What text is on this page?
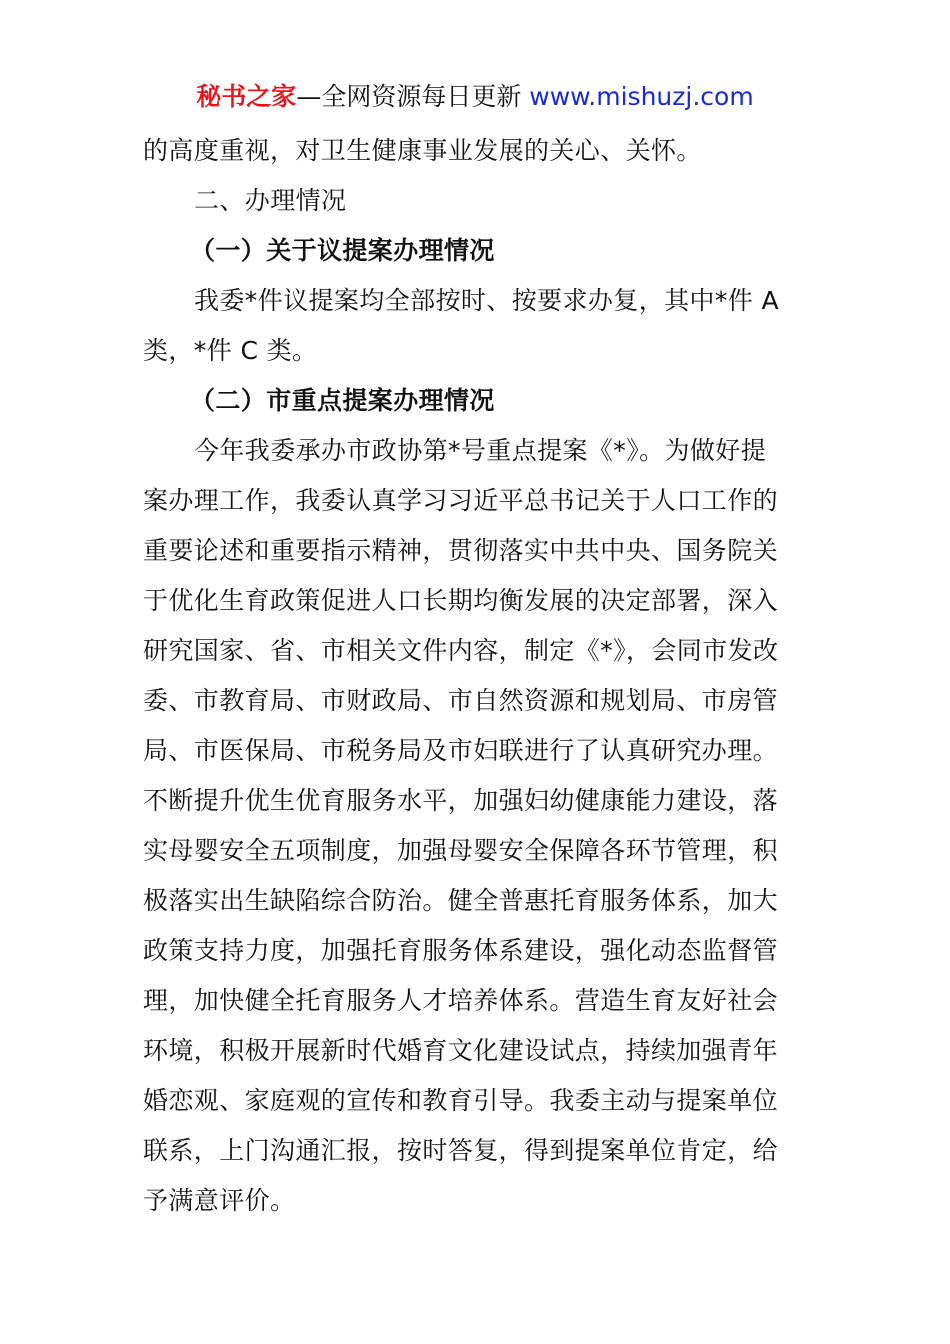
秘书之家—全网资源每日更新 www.mishuzj.com
的高度重视，对卫生健康事业发展的关心、关怀。
二、办理情况
（一）关于议提案办理情况
我委*件议提案均全部按时、按要求办复，其中*件 A
类，*件 C 类。
（二）市重点提案办理情况
今年我委承办市政协第*号重点提案《*》。为做好提
案办理工作，我委认真学习习近平总书记关于人口工作的
重要论述和重要指示精神，贯彻落实中共中央、国务院关
于优化生育政策促进人口长期均衡发展的决定部署，深入
研究国家、省、市相关文件内容，制定《*》，会同市发改
委、市教育局、市财政局、市自然资源和规划局、市房管
局、市医保局、市税务局及市妇联进行了认真研究办理。
不断提升优生优育服务水平，加强妇幼健康能力建设，落
实母婴安全五项制度，加强母婴安全保障各环节管理，积
极落实出生缺陷综合防治。健全普惠托育服务体系，加大
政策支持力度，加强托育服务体系建设，强化动态监督管
理，加快健全托育服务人才培养体系。营造生育友好社会
环境，积极开展新时代婚育文化建设试点，持续加强青年
婚恋观、家庭观的宣传和教育引导。我委主动与提案单位
联系，上门沟通汇报，按时答复，得到提案单位肯定，给
予满意评价。
